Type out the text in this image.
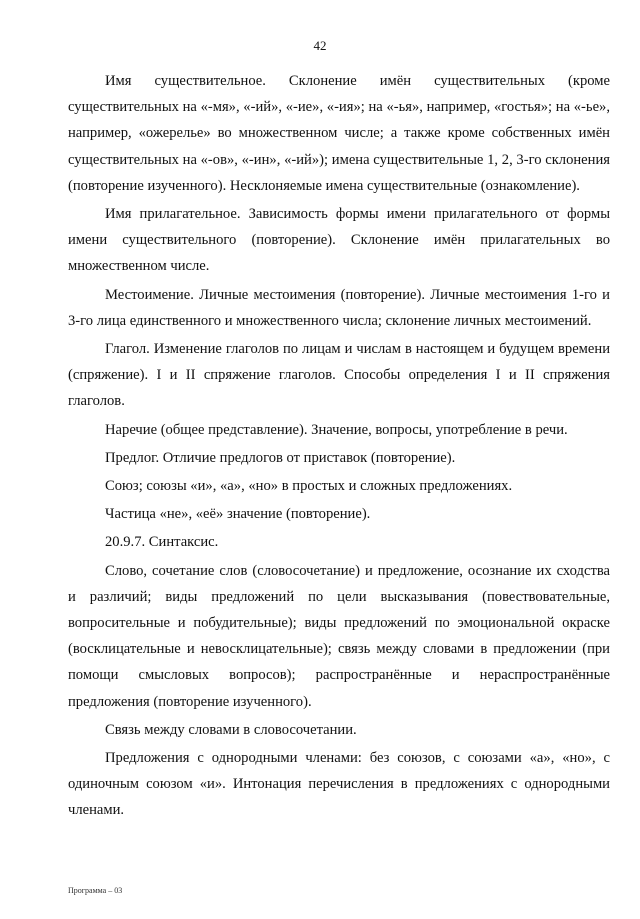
42

Имя существительное. Склонение имён существительных (кроме существительных на «-мя», «-ий», «-ие», «-ия»; на «-ья», например, «гостья»; на «-ье», например, «ожерелье» во множественном числе; а также кроме собственных имён существительных на «-ов», «-ин», «-ий»); имена существительные 1, 2, 3-го склонения (повторение изученного). Несклоняемые имена существительные (ознакомление).

Имя прилагательное. Зависимость формы имени прилагательного от формы имени существительного (повторение). Склонение имён прилагательных во множественном числе.

Местоимение. Личные местоимения (повторение). Личные местоимения 1-го и 3-го лица единственного и множественного числа; склонение личных местоимений.

Глагол. Изменение глаголов по лицам и числам в настоящем и будущем времени (спряжение). I и II спряжение глаголов. Способы определения I и II спряжения глаголов.

Наречие (общее представление). Значение, вопросы, употребление в речи.

Предлог. Отличие предлогов от приставок (повторение).

Союз; союзы «и», «а», «но» в простых и сложных предложениях.

Частица «не», «её» значение (повторение).

20.9.7. Синтаксис.

Слово, сочетание слов (словосочетание) и предложение, осознание их сходства и различий; виды предложений по цели высказывания (повествовательные, вопросительные и побудительные); виды предложений по эмоциональной окраске (восклицательные и невосклицательные); связь между словами в предложении (при помощи смысловых вопросов); распространённые и нераспространённые предложения (повторение изученного).

Связь между словами в словосочетании.

Предложения с однородными членами: без союзов, с союзами «а», «но», с одиночным союзом «и». Интонация перечисления в предложениях с однородными членами.

Программа – 03
